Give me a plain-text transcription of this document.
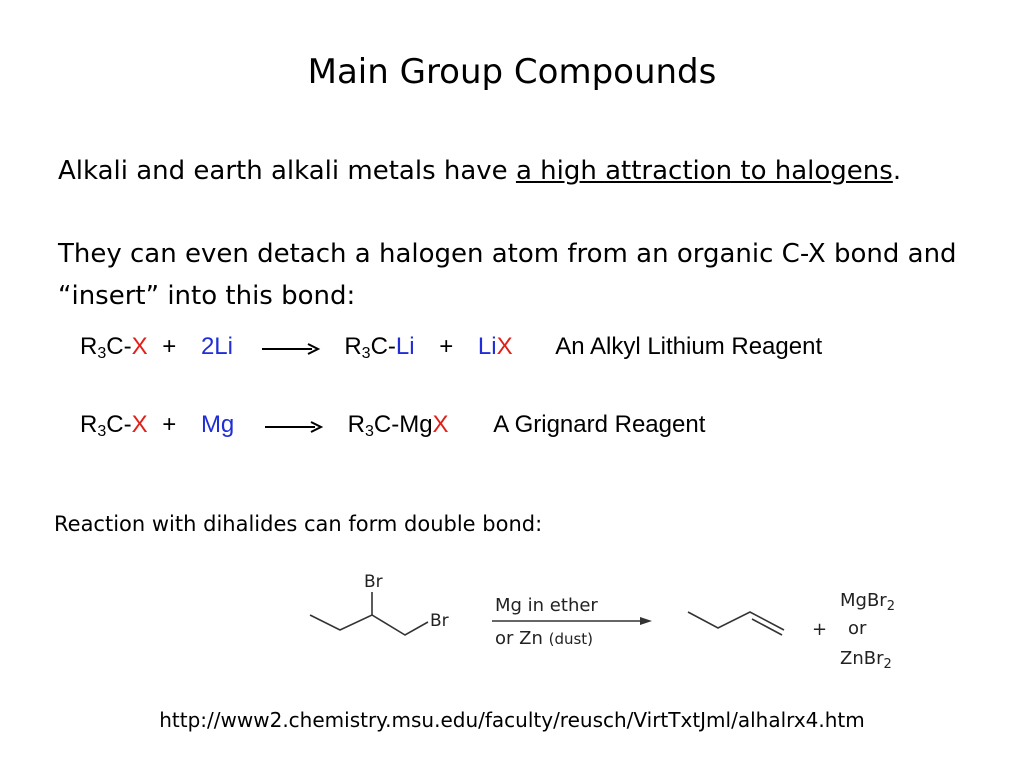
Main Group Compounds
Alkali and earth alkali metals have a high attraction to halogens.
They can even detach a halogen atom from an organic C-X bond and “insert” into this bond:
R3C-X + 2Li	R3C-Li + LiX An Alkyl Lithium Reagent
R3C-X + Mg	R3C-MgX A Grignard Reagent
Reaction with dihalides can form double bond:
Br
Br
Mg in ether
or Zn (dust)	+
MgBr$_2$
or
ZnBr$_2$
http://www2.chemistry.msu.edu/faculty/reusch/VirtTxtJml/alhalrx4.htm
